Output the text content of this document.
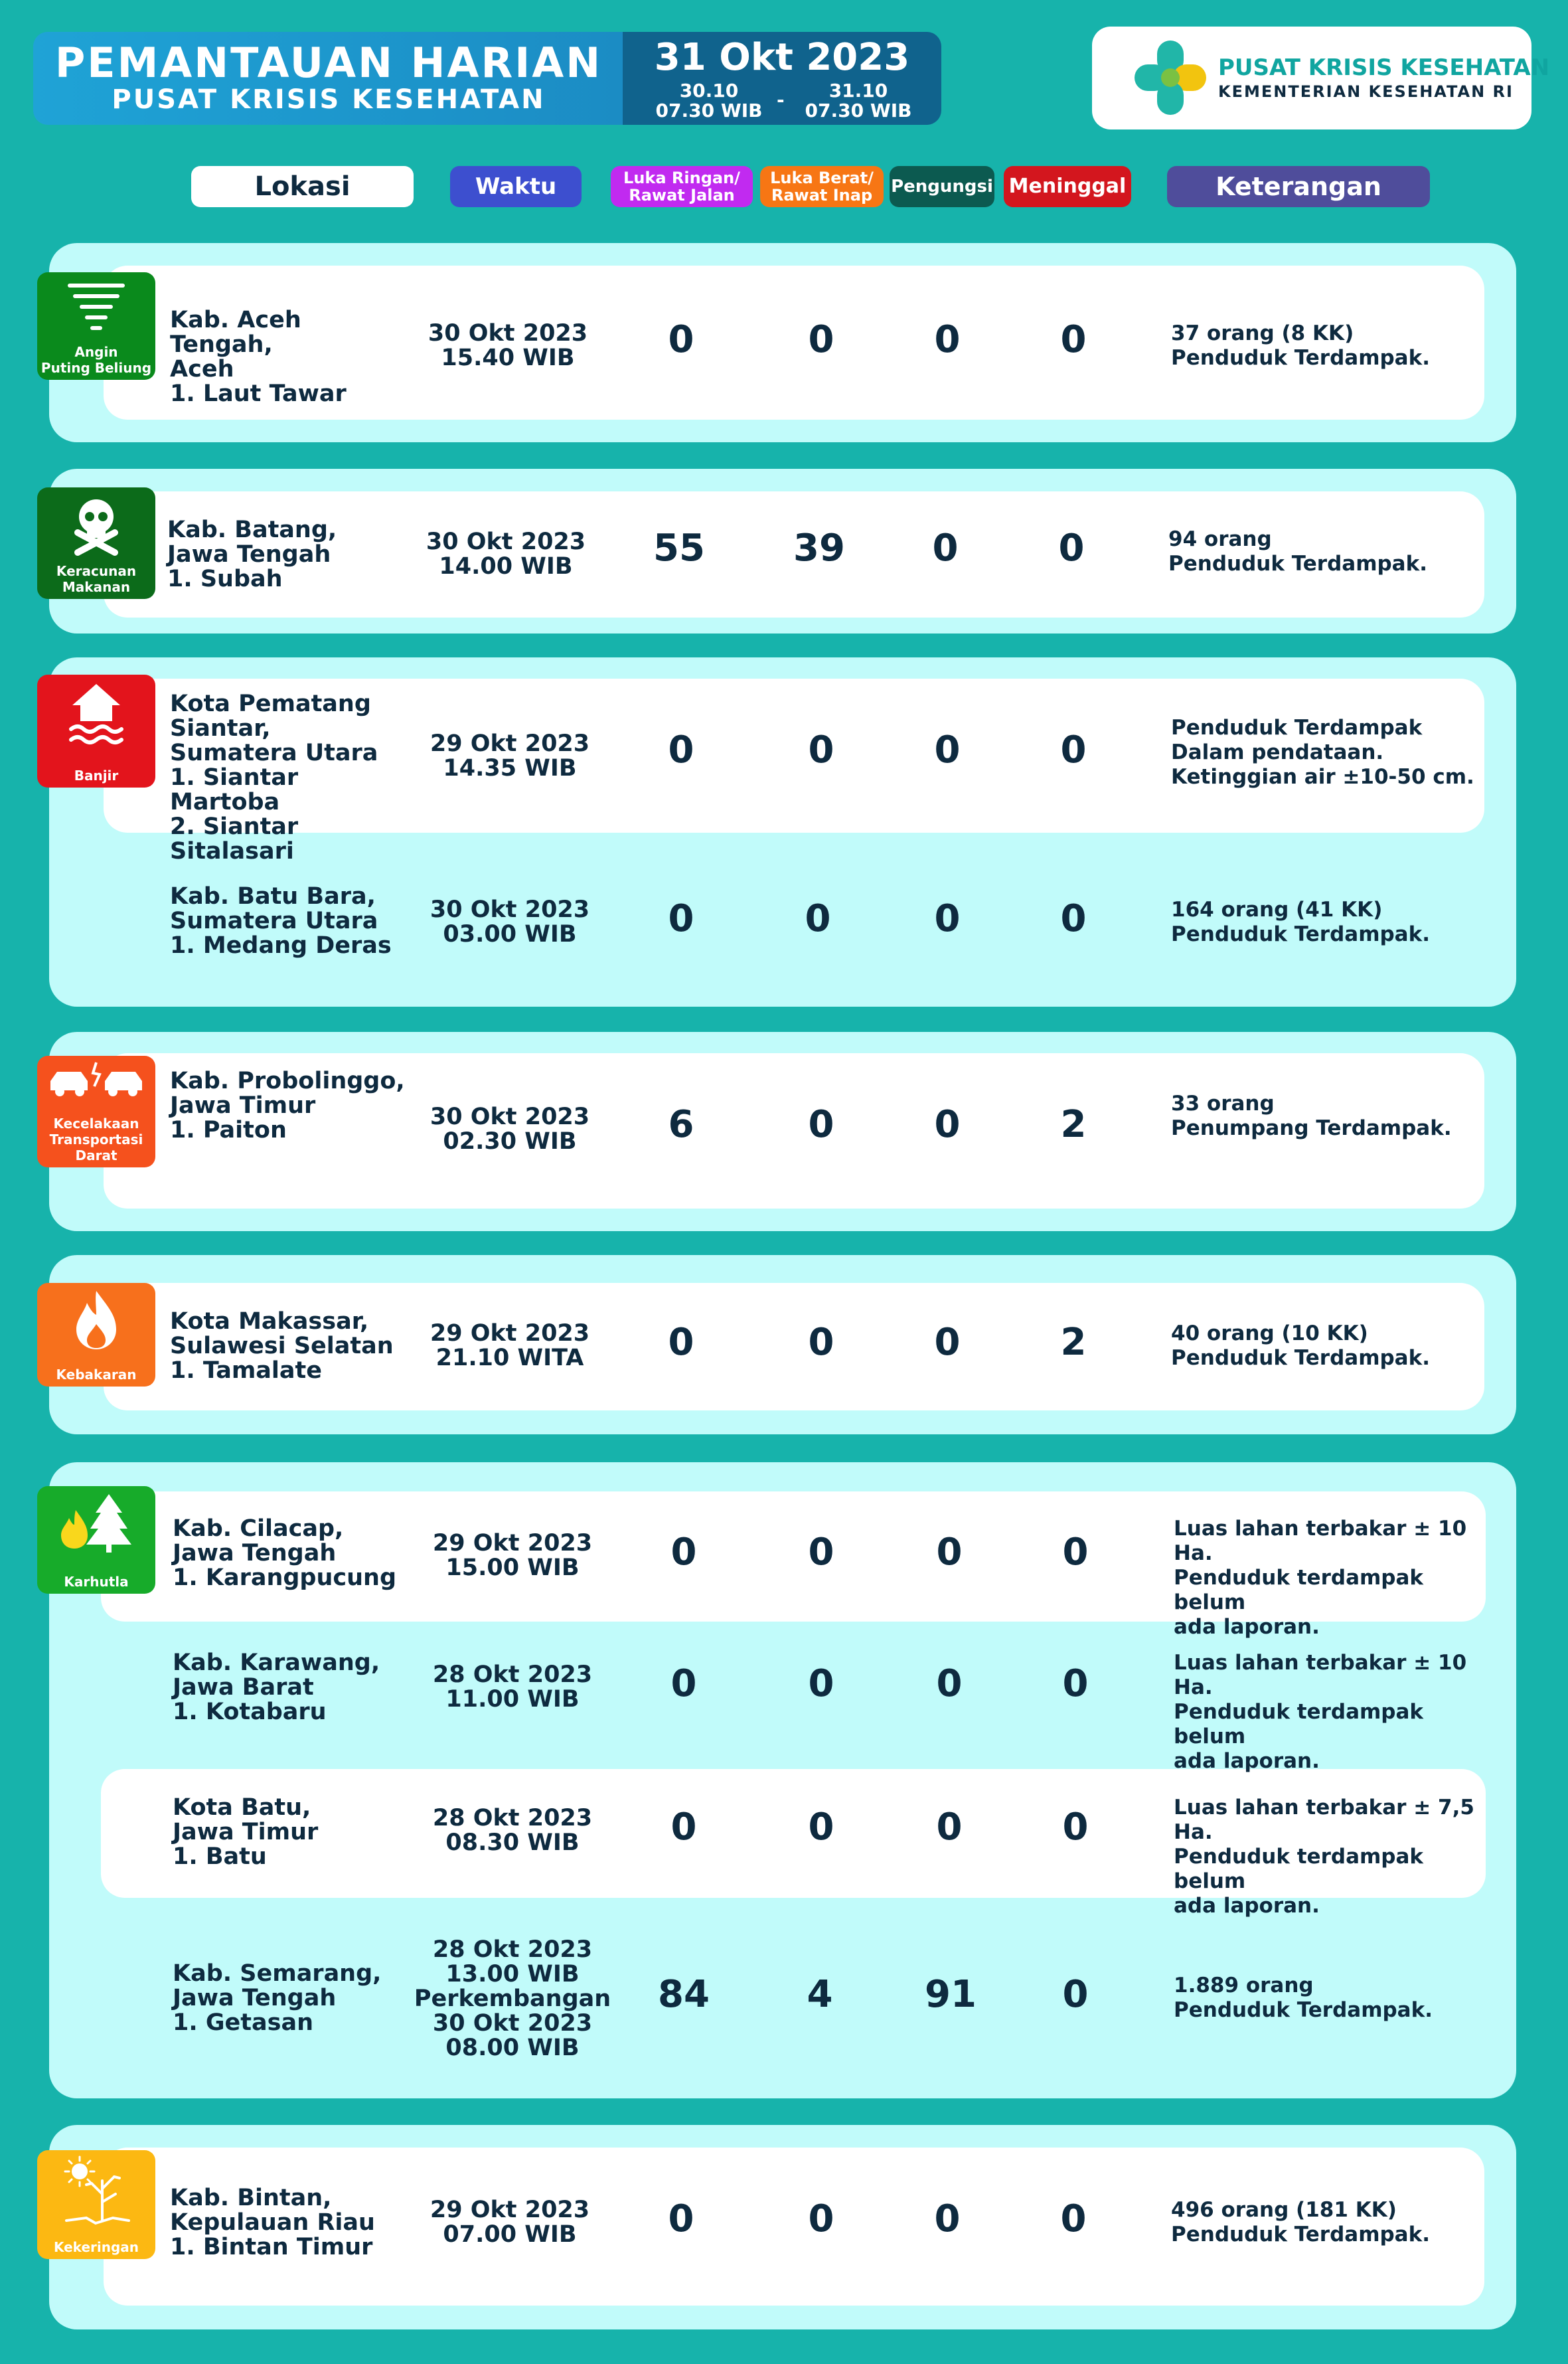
PEMANTAUAN HARIAN
PUSAT KRISIS KESEHATAN
31 Okt 2023
30.10
07.30 WIB -	31.10
07.30 WIB
PUSAT KRISIS KESEHATAN
KEMENTERIAN KESEHATAN RI
Lokasi	Waktu	Luka Ringan/
Rawat Jalan
Luka Berat/
Rawat Inap	Pengungsi Meninggal	Keterangan
Angin
Puting Beliung
Kab. Aceh Tengah,
Aceh
1. Laut Tawar
30 Okt 2023
15.40 WIB	0	0	0	0	37 orang (8 KK)
Penduduk Terdampak.
Keracunan
Makanan
Kab. Batang,
Jawa Tengah
1. Subah
30 Okt 2023
14.00 WIB	55	39	0	0	94 orang
Penduduk Terdampak.
Banjir
Kota Pematang
Siantar,
Sumatera Utara
1. Siantar Martoba
2. Siantar Sitalasari
29 Okt 2023
14.35 WIB	0	0	0	0
Penduduk Terdampak
Dalam pendataan.
Ketinggian air ±10-50 cm.
Kab. Batu Bara,
Sumatera Utara
1. Medang Deras
30 Okt 2023
03.00 WIB	0	0	0	0	164 orang (41 KK)
Penduduk Terdampak.
Kecelakaan
Transportasi
Darat
Kab. Probolinggo,
Jawa Timur
1. Paiton	30 Okt 2023
02.30 WIB	6	0	0	2	33 orang
Penumpang Terdampak.
Kebakaran
Kota Makassar,
Sulawesi Selatan
1. Tamalate
29 Okt 2023
21.10 WITA	0	0	0	2	40 orang (10 KK)
Penduduk Terdampak.
Karhutla
Kab. Cilacap,
Jawa Tengah
1. Karangpucung
29 Okt 2023
15.00 WIB	0	0	0	0
Luas lahan terbakar ± 10 Ha.
Penduduk terdampak belum
ada laporan.
Kab. Karawang,
Jawa Barat
1. Kotabaru
28 Okt 2023
11.00 WIB	0	0	0	0	Luas lahan terbakar ± 10 Ha.
Penduduk terdampak belum
ada laporan.
Kota Batu,
Jawa Timur
1. Batu
28 Okt 2023
08.30 WIB	0	0	0	0	Luas lahan terbakar ± 7,5 Ha.
Penduduk terdampak belum
ada laporan.
Kab. Semarang,
Jawa Tengah
1. Getasan
28 Okt 2023
13.00 WIB
Perkembangan
30 Okt 2023
08.00 WIB
84	4	91	0	1.889 orang
Penduduk Terdampak.
Kekeringan
Kab. Bintan,
Kepulauan Riau
1. Bintan Timur
29 Okt 2023
07.00 WIB	0	0	0	0	496 orang (181 KK)
Penduduk Terdampak.
